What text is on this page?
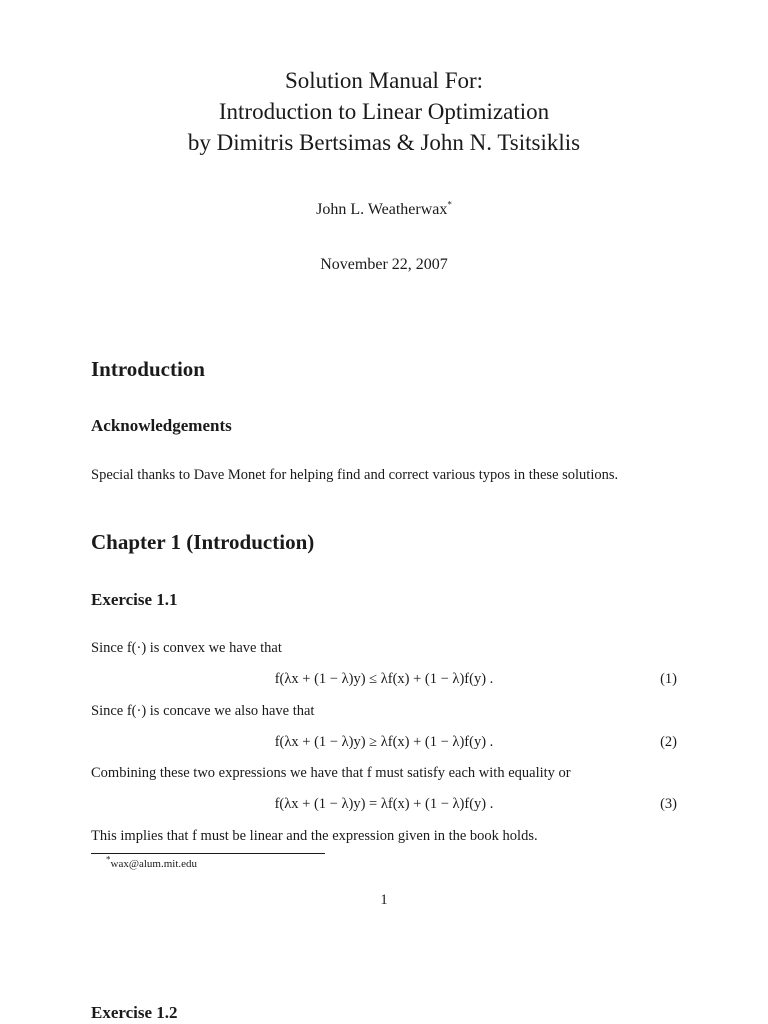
Solution Manual For:
Introduction to Linear Optimization
by Dimitris Bertsimas & John N. Tsitsiklis
John L. Weatherwax*
November 22, 2007
Introduction
Acknowledgements
Special thanks to Dave Monet for helping find and correct various typos in these solutions.
Chapter 1 (Introduction)
Exercise 1.1
Since f(·) is convex we have that
f(λx + (1 − λ)y) ≤ λf(x) + (1 − λ)f(y) .	(1)
Since f(·) is concave we also have that
f(λx + (1 − λ)y) ≥ λf(x) + (1 − λ)f(y) .	(2)
Combining these two expressions we have that f must satisfy each with equality or
f(λx + (1 − λ)y) = λf(x) + (1 − λ)f(y) .	(3)
This implies that f must be linear and the expression given in the book holds.
*wax@alum.mit.edu
1
Exercise 1.2
